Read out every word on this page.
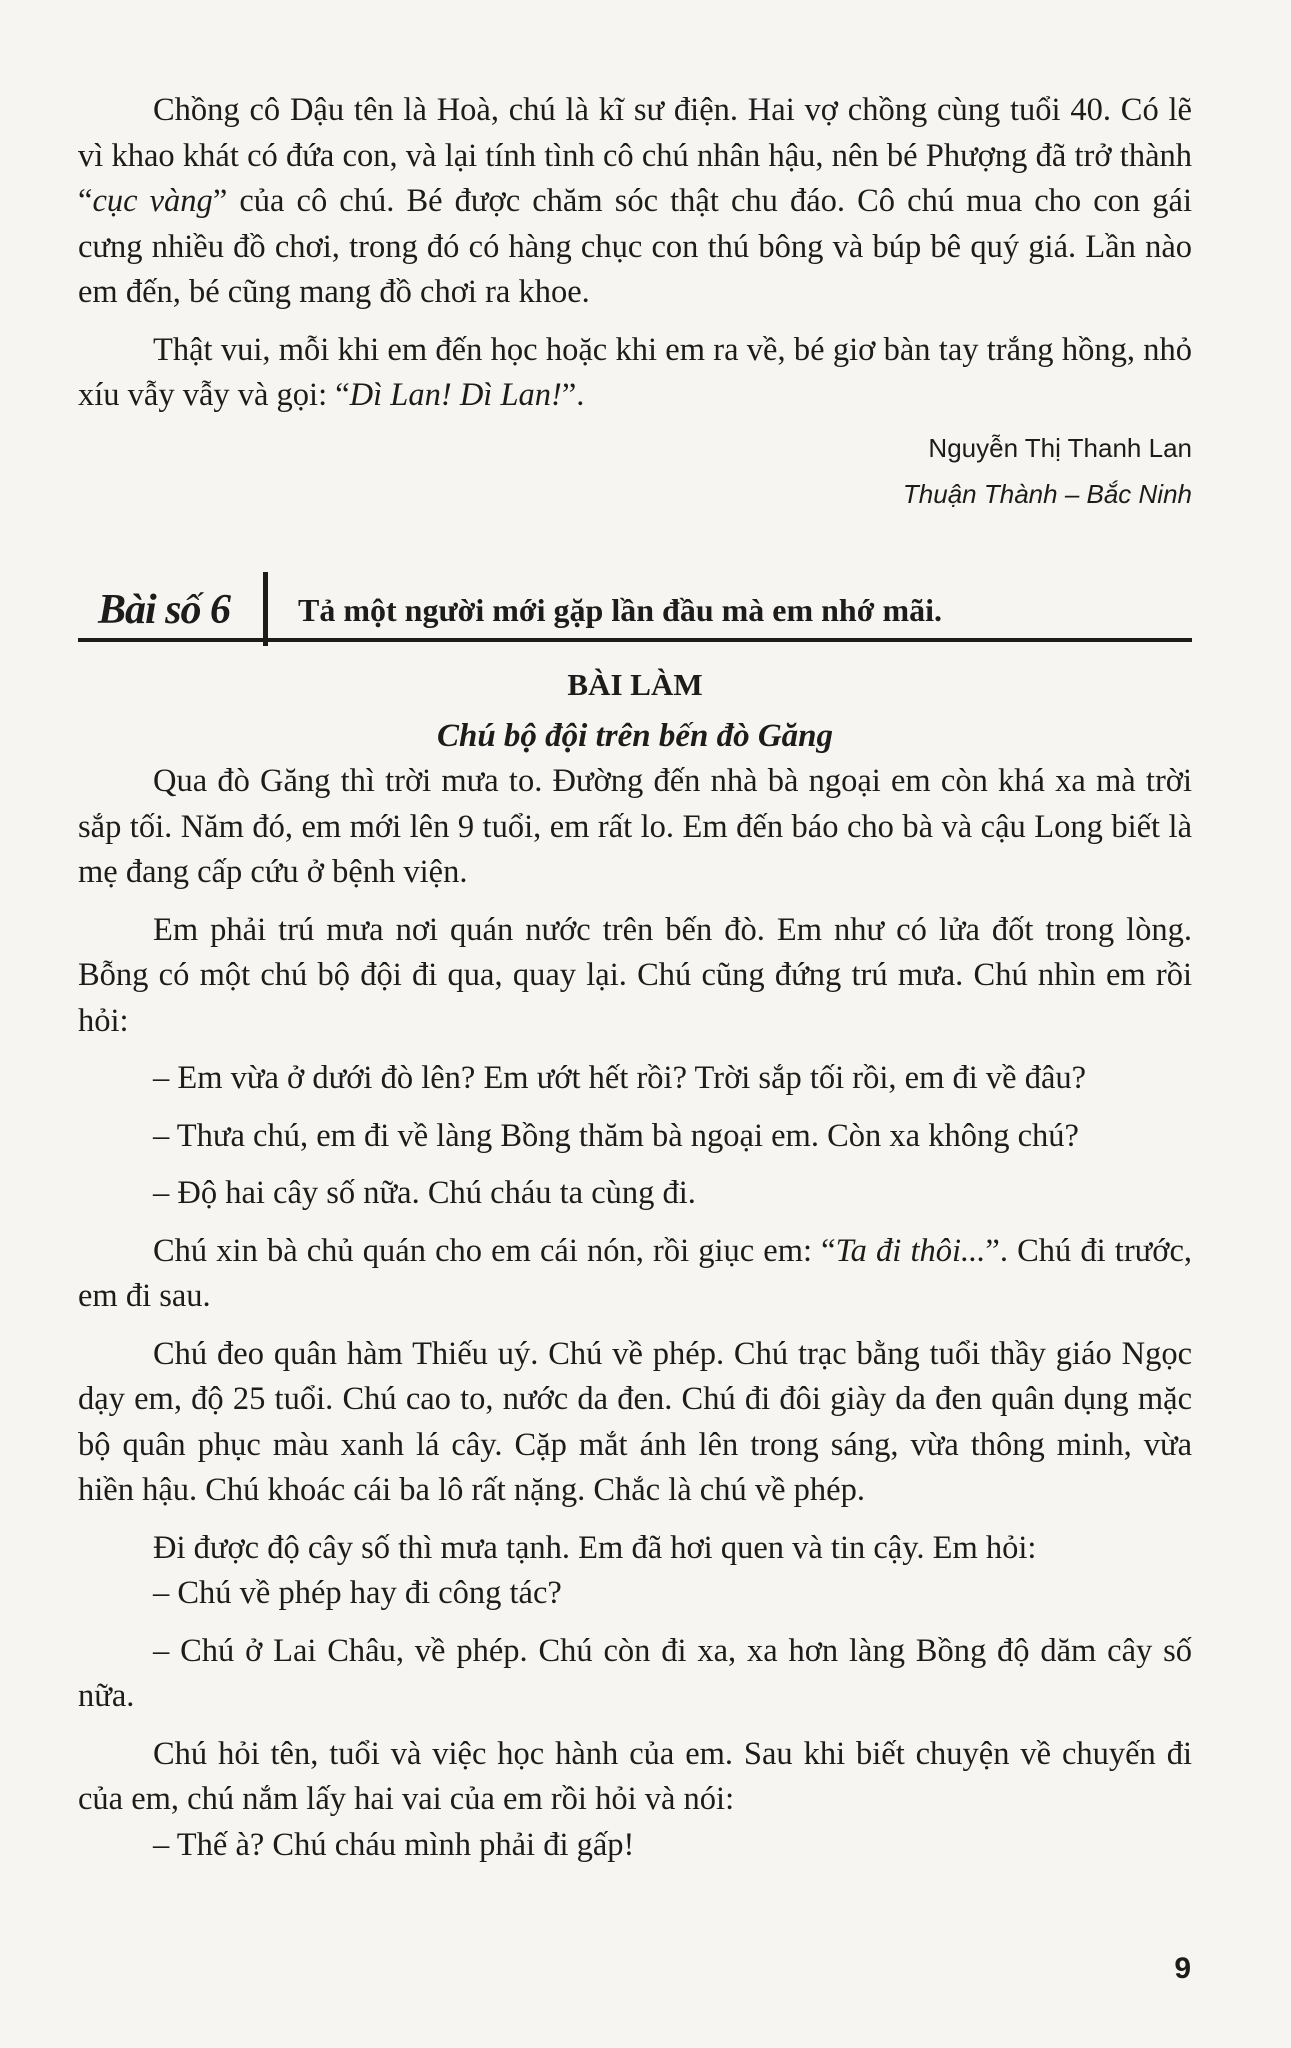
Chồng cô Dậu tên là Hoà, chú là kĩ sư điện. Hai vợ chồng cùng tuổi 40. Có lẽ vì khao khát có đứa con, và lại tính tình cô chú nhân hậu, nên bé Phượng đã trở thành “cục vàng” của cô chú. Bé được chăm sóc thật chu đáo. Cô chú mua cho con gái cưng nhiều đồ chơi, trong đó có hàng chục con thú bông và búp bê quý giá. Lần nào em đến, bé cũng mang đồ chơi ra khoe.

Thật vui, mỗi khi em đến học hoặc khi em ra về, bé giơ bàn tay trắng hồng, nhỏ xíu vẫy vẫy và gọi: “Dì Lan! Dì Lan!”.

Nguyễn Thị Thanh Lan

Thuận Thành – Bắc Ninh

Bài số 6 Tả một người mới gặp lần đầu mà em nhớ mãi.

BÀI LÀM

Chú bộ đội trên bến đò Găng

Qua đò Găng thì trời mưa to. Đường đến nhà bà ngoại em còn khá xa mà trời sắp tối. Năm đó, em mới lên 9 tuổi, em rất lo. Em đến báo cho bà và cậu Long biết là mẹ đang cấp cứu ở bệnh viện.

Em phải trú mưa nơi quán nước trên bến đò. Em như có lửa đốt trong lòng. Bỗng có một chú bộ đội đi qua, quay lại. Chú cũng đứng trú mưa. Chú nhìn em rồi hỏi:

– Em vừa ở dưới đò lên? Em ướt hết rồi? Trời sắp tối rồi, em đi về đâu?

– Thưa chú, em đi về làng Bồng thăm bà ngoại em. Còn xa không chú?

– Độ hai cây số nữa. Chú cháu ta cùng đi.

Chú xin bà chủ quán cho em cái nón, rồi giục em: “Ta đi thôi...”. Chú đi trước, em đi sau.

Chú đeo quân hàm Thiếu uý. Chú về phép. Chú trạc bằng tuổi thầy giáo Ngọc dạy em, độ 25 tuổi. Chú cao to, nước da đen. Chú đi đôi giày da đen quân dụng mặc bộ quân phục màu xanh lá cây. Cặp mắt ánh lên trong sáng, vừa thông minh, vừa hiền hậu. Chú khoác cái ba lô rất nặng. Chắc là chú về phép.

Đi được độ cây số thì mưa tạnh. Em đã hơi quen và tin cậy. Em hỏi:

– Chú về phép hay đi công tác?

– Chú ở Lai Châu, về phép. Chú còn đi xa, xa hơn làng Bồng độ dăm cây số nữa.

Chú hỏi tên, tuổi và việc học hành của em. Sau khi biết chuyện về chuyến đi của em, chú nắm lấy hai vai của em rồi hỏi và nói:

– Thế à? Chú cháu mình phải đi gấp!

9
